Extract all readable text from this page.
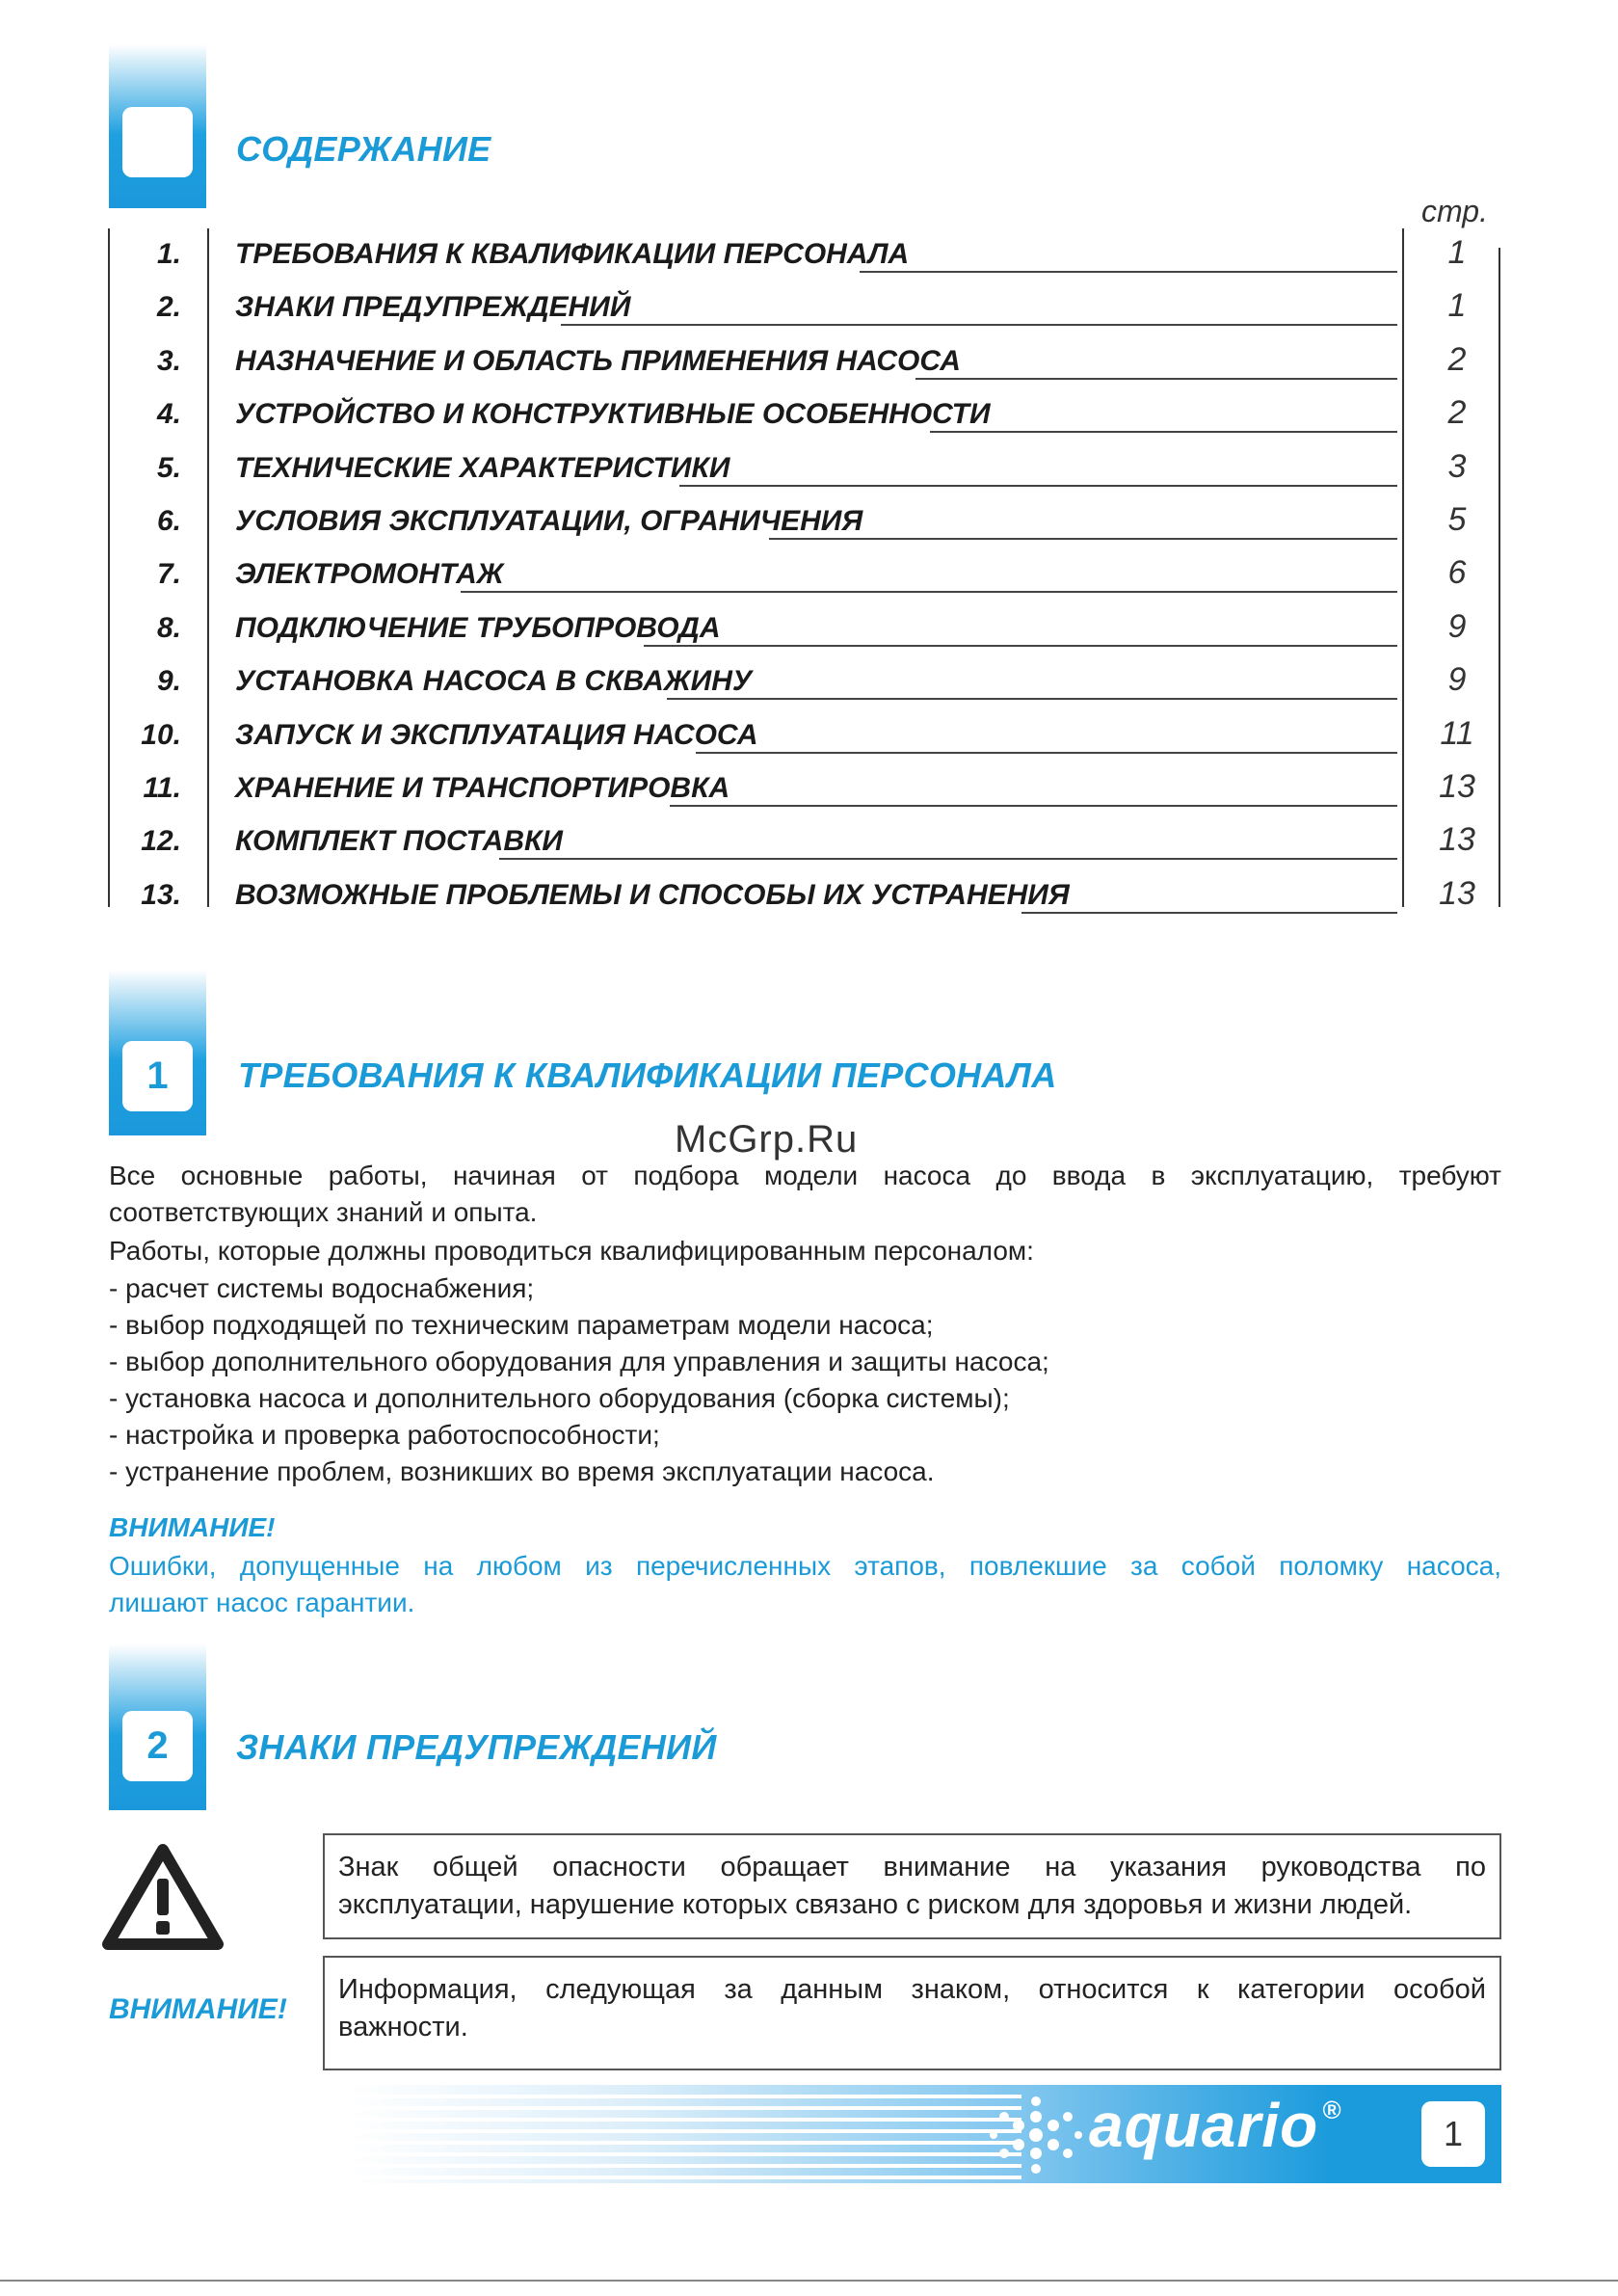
СОДЕРЖАНИЕ
стр.
1. ТРЕБОВАНИЯ К КВАЛИФИКАЦИИ ПЕРСОНАЛА	1
2. ЗНАКИ ПРЕДУПРЕЖДЕНИЙ	1
3. НАЗНАЧЕНИЕ И ОБЛАСТЬ ПРИМЕНЕНИЯ НАСОСА	2
4. УСТРОЙСТВО И КОНСТРУКТИВНЫЕ ОСОБЕННОСТИ	2
5. ТЕХНИЧЕСКИЕ ХАРАКТЕРИСТИКИ	3
6. УСЛОВИЯ ЭКСПЛУАТАЦИИ, ОГРАНИЧЕНИЯ	5
7. ЭЛЕКТРОМОНТАЖ	6
8. ПОДКЛЮЧЕНИЕ ТРУБОПРОВОДА	9
9. УСТАНОВКА НАСОСА В СКВАЖИНУ	9
10. ЗАПУСК И ЭКСПЛУАТАЦИЯ НАСОСА	11
11. ХРАНЕНИЕ И ТРАНСПОРТИРОВКА	13
12. КОМПЛЕКТ ПОСТАВКИ	13
13. ВОЗМОЖНЫЕ ПРОБЛЕМЫ И СПОСОБЫ ИХ УСТРАНЕНИЯ	13
1	ТРЕБОВАНИЯ К КВАЛИФИКАЦИИ ПЕРСОНАЛА
McGrp.Ru
Все основные работы, начиная от подбора модели насоса до ввода в эксплуатацию, требуют
соответствующих знаний и опыта.
Работы, которые должны проводиться квалифицированным персоналом:
- расчет системы водоснабжения;
- выбор подходящей по техническим параметрам модели насоса;
- выбор дополнительного оборудования для управления и защиты насоса;
- установка насоса и дополнительного оборудования (сборка системы);
- настройка и проверка работоспособности;
- устранение проблем, возникших во время эксплуатации насоса.
ВНИМАНИЕ!
Ошибки, допущенные на любом из перечисленных этапов, повлекшие за собой поломку насоса,
лишают насос гарантии.
2	ЗНАКИ ПРЕДУПРЕЖДЕНИЙ
Знак общей опасности обращает внимание на указания руководства по
эксплуатации, нарушение которых связано с риском для здоровья и жизни людей.
ВНИМАНИЕ!
Информация, следующая за данным знаком, относится к категории особой
важности.
aquario ®
1
